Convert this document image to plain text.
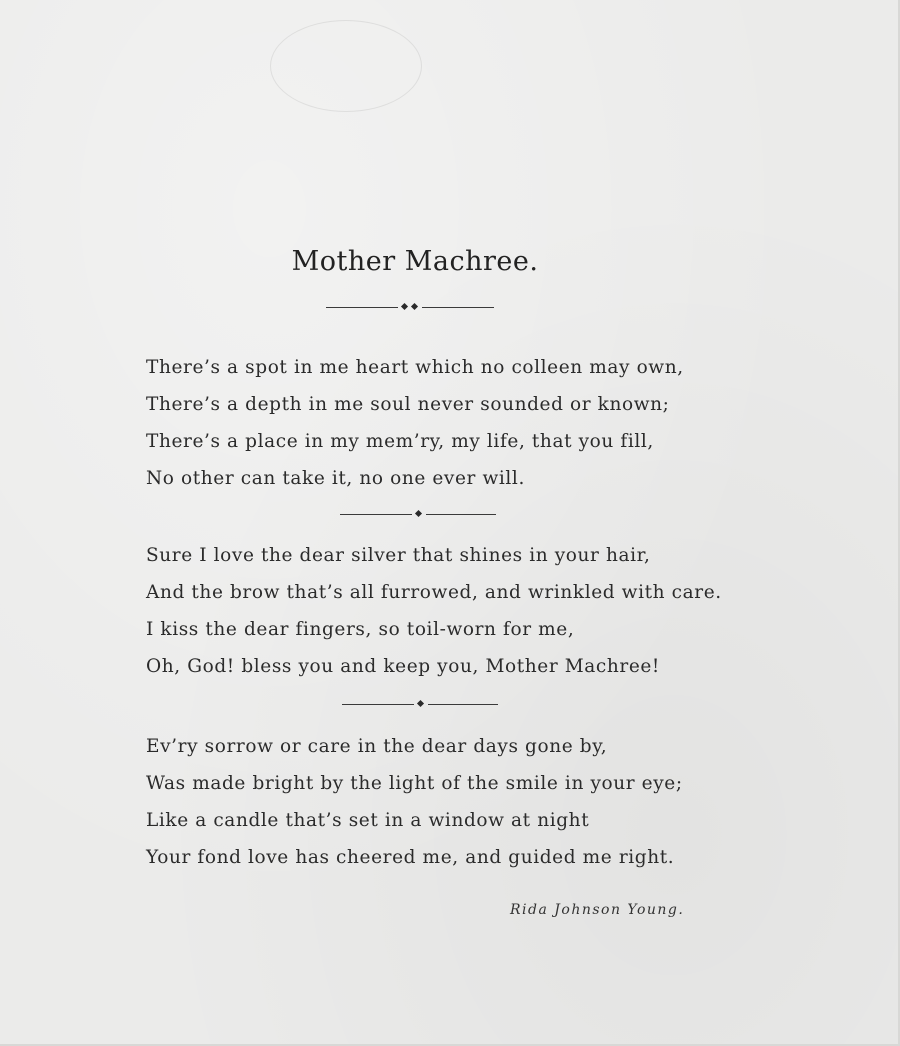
Mother Machree.
There’s a spot in me heart which no colleen may own,
There’s a depth in me soul never sounded or known;
There’s a place in my mem’ry, my life, that you fill,
No other can take it, no one ever will.
Sure I love the dear silver that shines in your hair,
And the brow that’s all furrowed, and wrinkled with care.
I kiss the dear fingers, so toil-worn for me,
Oh, God! bless you and keep you, Mother Machree!
Ev’ry sorrow or care in the dear days gone by,
Was made bright by the light of the smile in your eye;
Like a candle that’s set in a window at night
Your fond love has cheered me, and guided me right.
Rida Johnson Young.
